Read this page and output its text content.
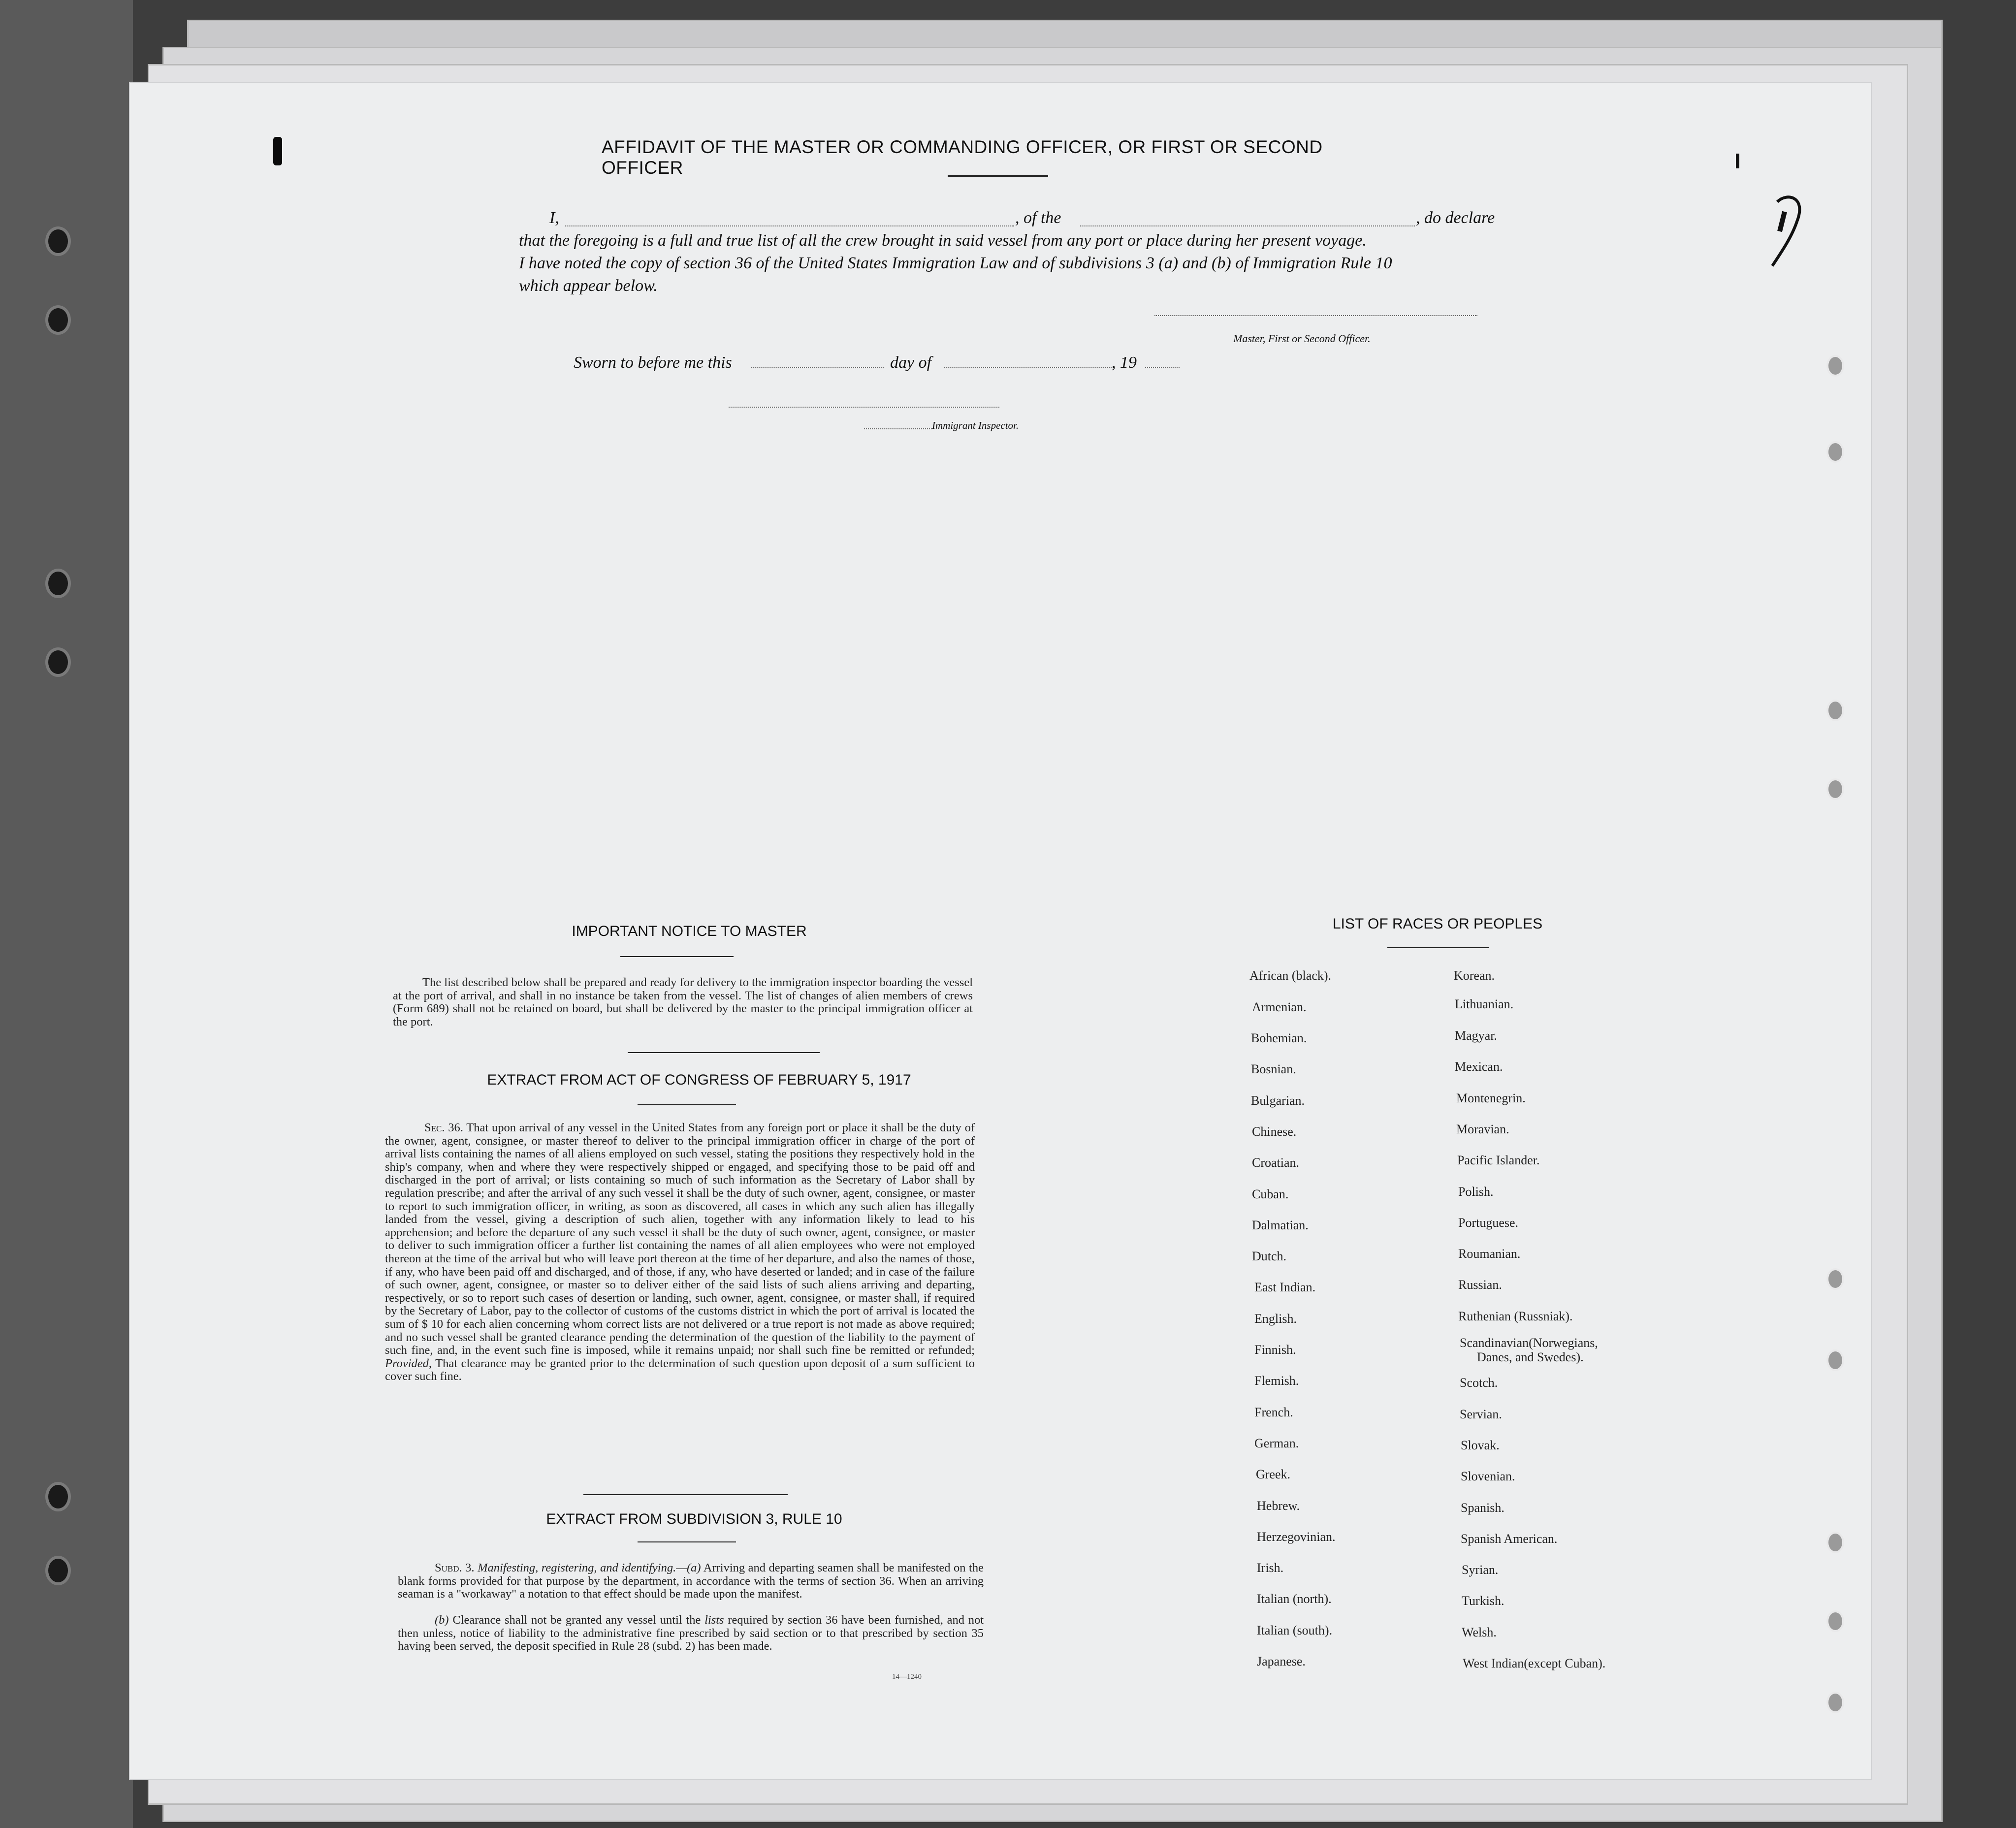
AFFIDAVIT OF THE MASTER OR COMMANDING OFFICER, OR FIRST OR SECOND OFFICER
I,	, of the	, do declare
that the foregoing is a full and true list of all the crew brought in said vessel from any port or place during her present voyage.
I have noted the copy of section 36 of the United States Immigration Law and of subdivisions 3 (a) and (b) of Immigration Rule 10
which appear below.
Master, First or Second Officer.
Sworn to before me this	day of	, 19
Immigrant Inspector.
IMPORTANT NOTICE TO MASTER
The list described below shall be prepared and ready for delivery to the immigration inspector boarding the vessel at the port of arrival, and shall in no instance be taken from the vessel. The list of changes of alien members of crews (Form 689) shall not be retained on board, but shall be delivered by the master to the principal immigration officer at the port.
EXTRACT FROM ACT OF CONGRESS OF FEBRUARY 5, 1917
Sec. 36. That upon arrival of any vessel in the United States from any foreign port or place it shall be the duty of the owner, agent, consignee, or master thereof to deliver to the principal immigration officer in charge of the port of arrival lists containing the names of all aliens employed on such vessel, stating the positions they respectively hold in the ship's company, when and where they were respectively shipped or engaged, and specifying those to be paid off and discharged in the port of arrival; or lists containing so much of such information as the Secretary of Labor shall by regulation prescribe; and after the arrival of any such vessel it shall be the duty of such owner, agent, consignee, or master to report to such immigration officer, in writing, as soon as discovered, all cases in which any such alien has illegally landed from the vessel, giving a description of such alien, together with any information likely to lead to his apprehension; and before the departure of any such vessel it shall be the duty of such owner, agent, consignee, or master to deliver to such immigration officer a further list containing the names of all alien employees who were not employed thereon at the time of the arrival but who will leave port thereon at the time of her departure, and also the names of those, if any, who have been paid off and discharged, and of those, if any, who have deserted or landed; and in case of the failure of such owner, agent, consignee, or master so to deliver either of the said lists of such aliens arriving and departing, respectively, or so to report such cases of desertion or landing, such owner, agent, consignee, or master shall, if required by the Secretary of Labor, pay to the collector of customs of the customs district in which the port of arrival is located the sum of $ 10 for each alien concerning whom correct lists are not delivered or a true report is not made as above required; and no such vessel shall be granted clearance pending the determination of the question of the liability to the payment of such fine, and, in the event such fine is imposed, while it remains unpaid; nor shall such fine be remitted or refunded; Provided, That clearance may be granted prior to the determination of such question upon deposit of a sum sufficient to cover such fine.
EXTRACT FROM SUBDIVISION 3, RULE 10
Subd. 3. Manifesting, registering, and identifying.—(a) Arriving and departing seamen shall be manifested on the blank forms provided for that purpose by the department, in accordance with the terms of section 36. When an arriving seaman is a "workaway" a notation to that effect should be made upon the manifest.
(b) Clearance shall not be granted any vessel until the lists required by section 36 have been furnished, and not then unless, notice of liability to the administrative fine prescribed by said section or to that prescribed by section 35 having been served, the deposit specified in Rule 28 (subd. 2) has been made.
14—1240
LIST OF RACES OR PEOPLES
African (black).
Armenian.
Bohemian.
Bosnian.
Bulgarian.
Chinese.
Croatian.
Cuban.
Dalmatian.
Dutch.
East Indian.
English.
Finnish.
Flemish.
French.
German.
Greek.
Hebrew.
Herzegovinian.
Irish.
Italian (north).
Italian (south).
Japanese.
Korean.
Lithuanian.
Magyar.
Mexican.
Montenegrin.
Moravian.
Pacific Islander.
Polish.
Portuguese.
Roumanian.
Russian.
Ruthenian (Russniak).
Scandinavian(Norwegians,
Danes, and Swedes).
Scotch.
Servian.
Slovak.
Slovenian.
Spanish.
Spanish American.
Syrian.
Turkish.
Welsh.
West Indian(except Cuban).
